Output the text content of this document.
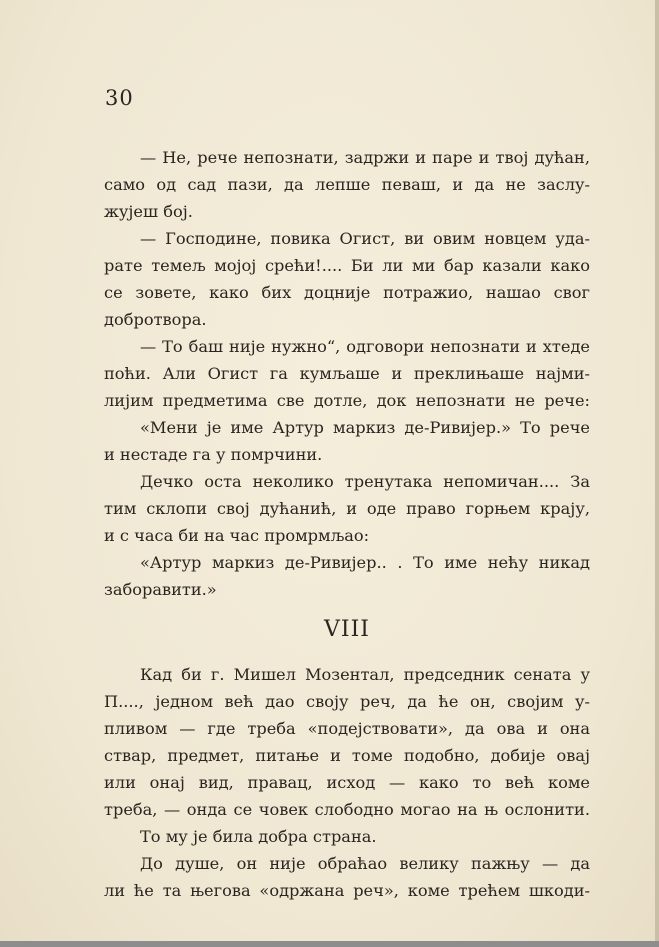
30
— Не, рече непознати, задржи и паре и твој дућан,
само од сад пази, да лепше певаш, и да не заслу-
жујеш бој.
— Господине, повика Огист, ви овим новцем уда-
рате темељ мојој срећи!.... Би ли ми бар казали како
се зовете, како бих доцније потражио, нашао свог
добротвора.
— То баш није нужно“, одговори непознати и хтеде
поћи. Али Огист га кумљаше и преклињаше најми-
лијим предметима све дотле, док непознати не рече:
«Мени је име Артур маркиз де-Ривијер.» То рече
и нестаде га у помрчини.
Дечко оста неколико тренутака непомичан.... За
тим склопи свој дућанић, и оде право горњем крају,
и с часа би на час промрмљао:
«Артур маркиз де-Ривијер.. . То име нећу никад
заборавити.»
VIII
Кад би г. Мишел Мозентал, председник сената у
П...., једном већ дао своју реч, да ће он, својим у-
пливом — где треба «подејствовати», да ова и она
ствар, предмет, питање и томе подобно, добије овај
или онај вид, правац, исход — како то већ коме
треба, — онда се човек слободно могао на њ ослонити.
То му је била добра страна.
До душе, он није обраћао велику пажњу — да
ли ће та његова «одржана реч», коме трећем шкоди-
